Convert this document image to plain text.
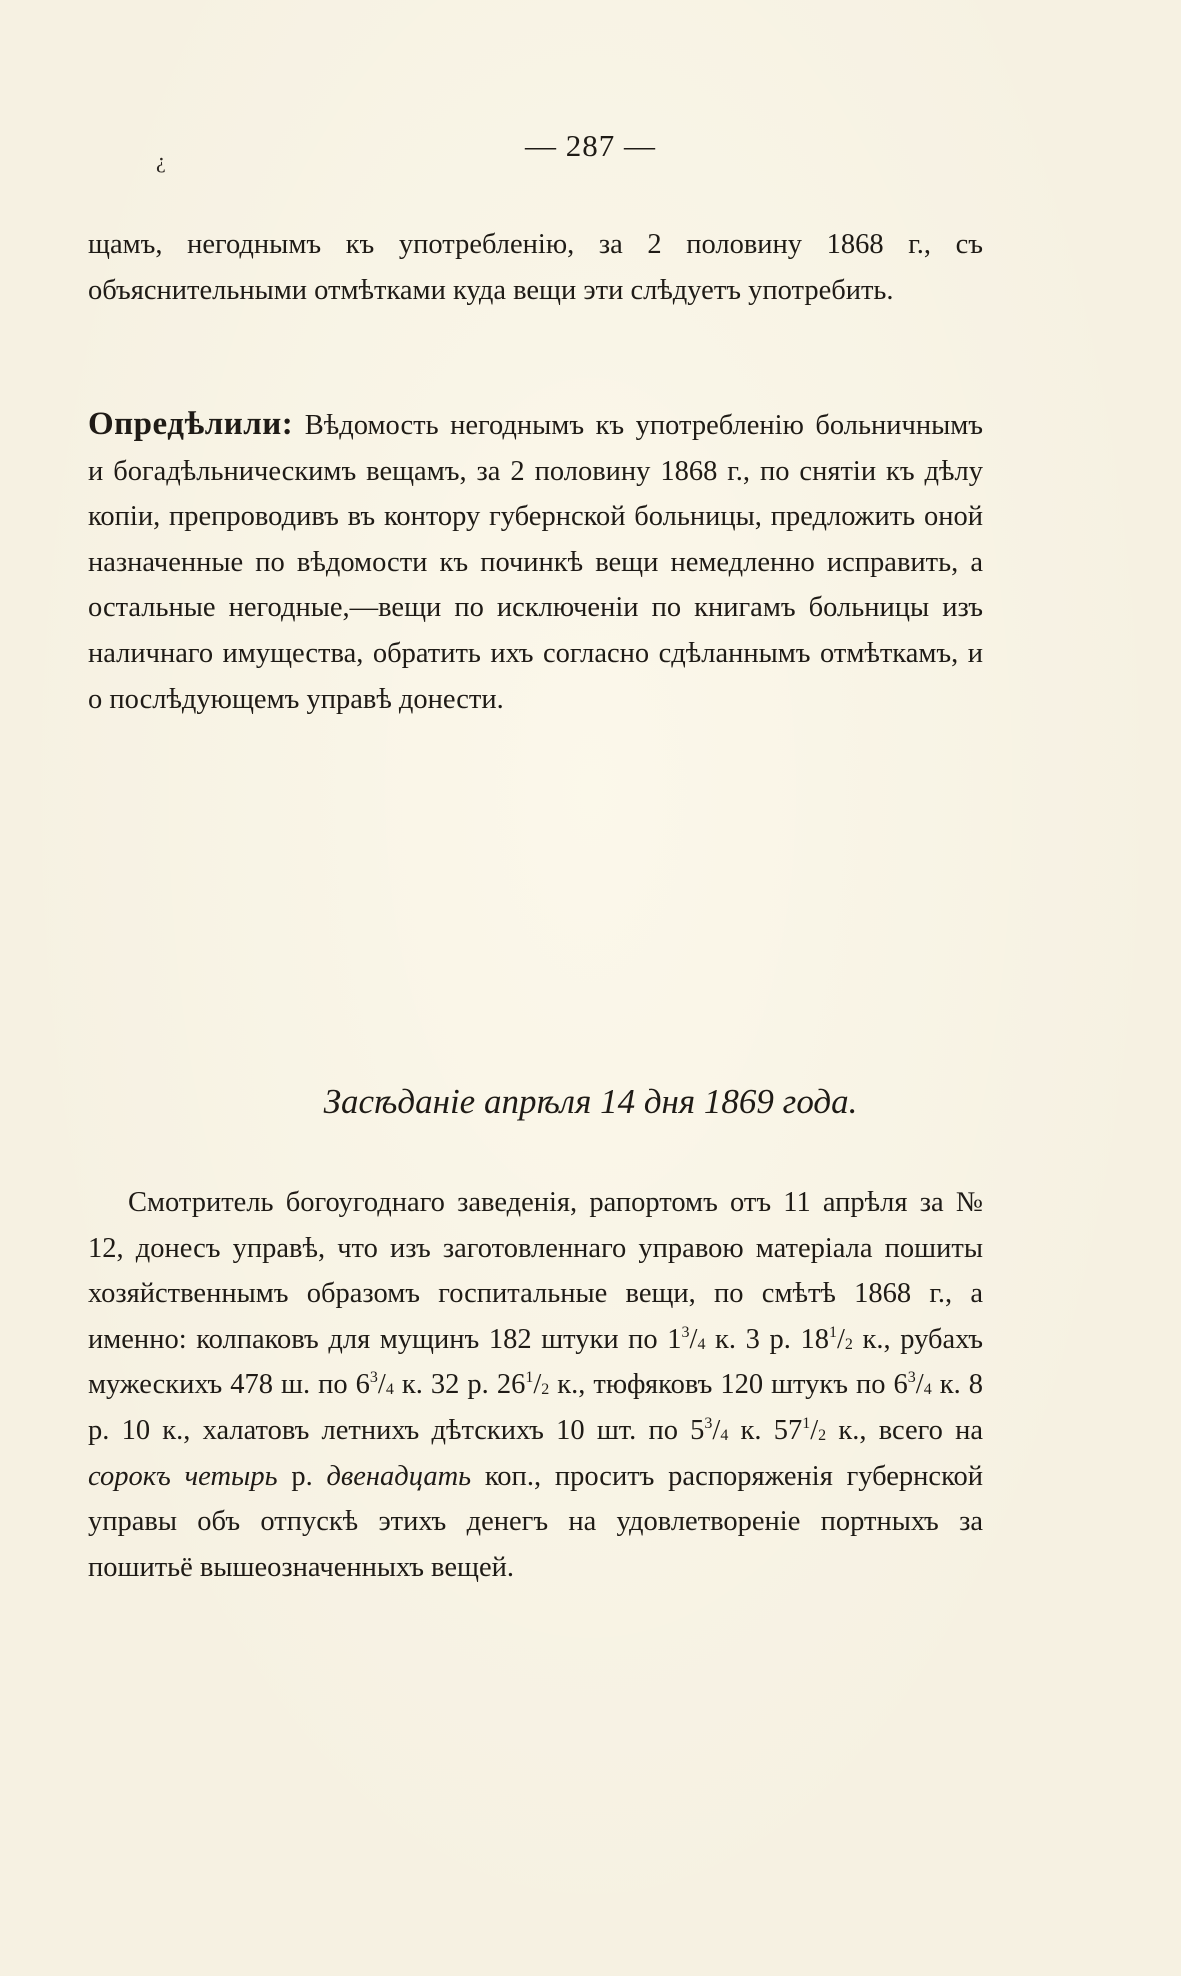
¿	— 287 —
щамъ, негоднымъ къ употребленію, за 2 половину 1868 г., съ объяснительными отмѣтками куда вещи эти слѣдуетъ употребить.
Опредѣлили: Вѣдомость негоднымъ къ употребленію больничнымъ и богадѣльническимъ вещамъ, за 2 половину 1868 г., по снятіи къ дѣлу копіи, препроводивъ въ контору губернской больницы, предложить оной назначенные по вѣдомости къ починкѣ вещи немедленно исправить, а остальные негодные,—вещи по исключеніи по книгамъ больницы изъ наличнаго имущества, обратить ихъ согласно сдѣланнымъ отмѣткамъ, и о послѣдующемъ управѣ донести.
Засѣданіе апрѣля 14 дня 1869 года.
Смотритель богоугоднаго заведенія, рапортомъ отъ 11 апрѣля за № 12, донесъ управѣ, что изъ заготовленнаго управою матеріала пошиты хозяйственнымъ образомъ госпитальные вещи, по смѣтѣ 1868 г., а именно: колпаковъ для мущинъ 182 штуки по $1^3/_4$ к. 3 р. $18^1/_2$ к., рубахъ мужескихъ 478 ш. по $6^3/_4$ к. 32 р. $26^1/_2$ к., тюфяковъ 120 штукъ по $6^3/_4$ к. 8 р. 10 к., халатовъ летнихъ дѣтскихъ 10 шт. по $5^3/_4$ к. $57^1/_2$ к., всего на сорокъ четырь р. двенадцать коп., проситъ распоряженія губернской управы объ отпускѣ этихъ денегъ на удовлетвореніе портныхъ за пошитьё вышеозначенныхъ вещей.
